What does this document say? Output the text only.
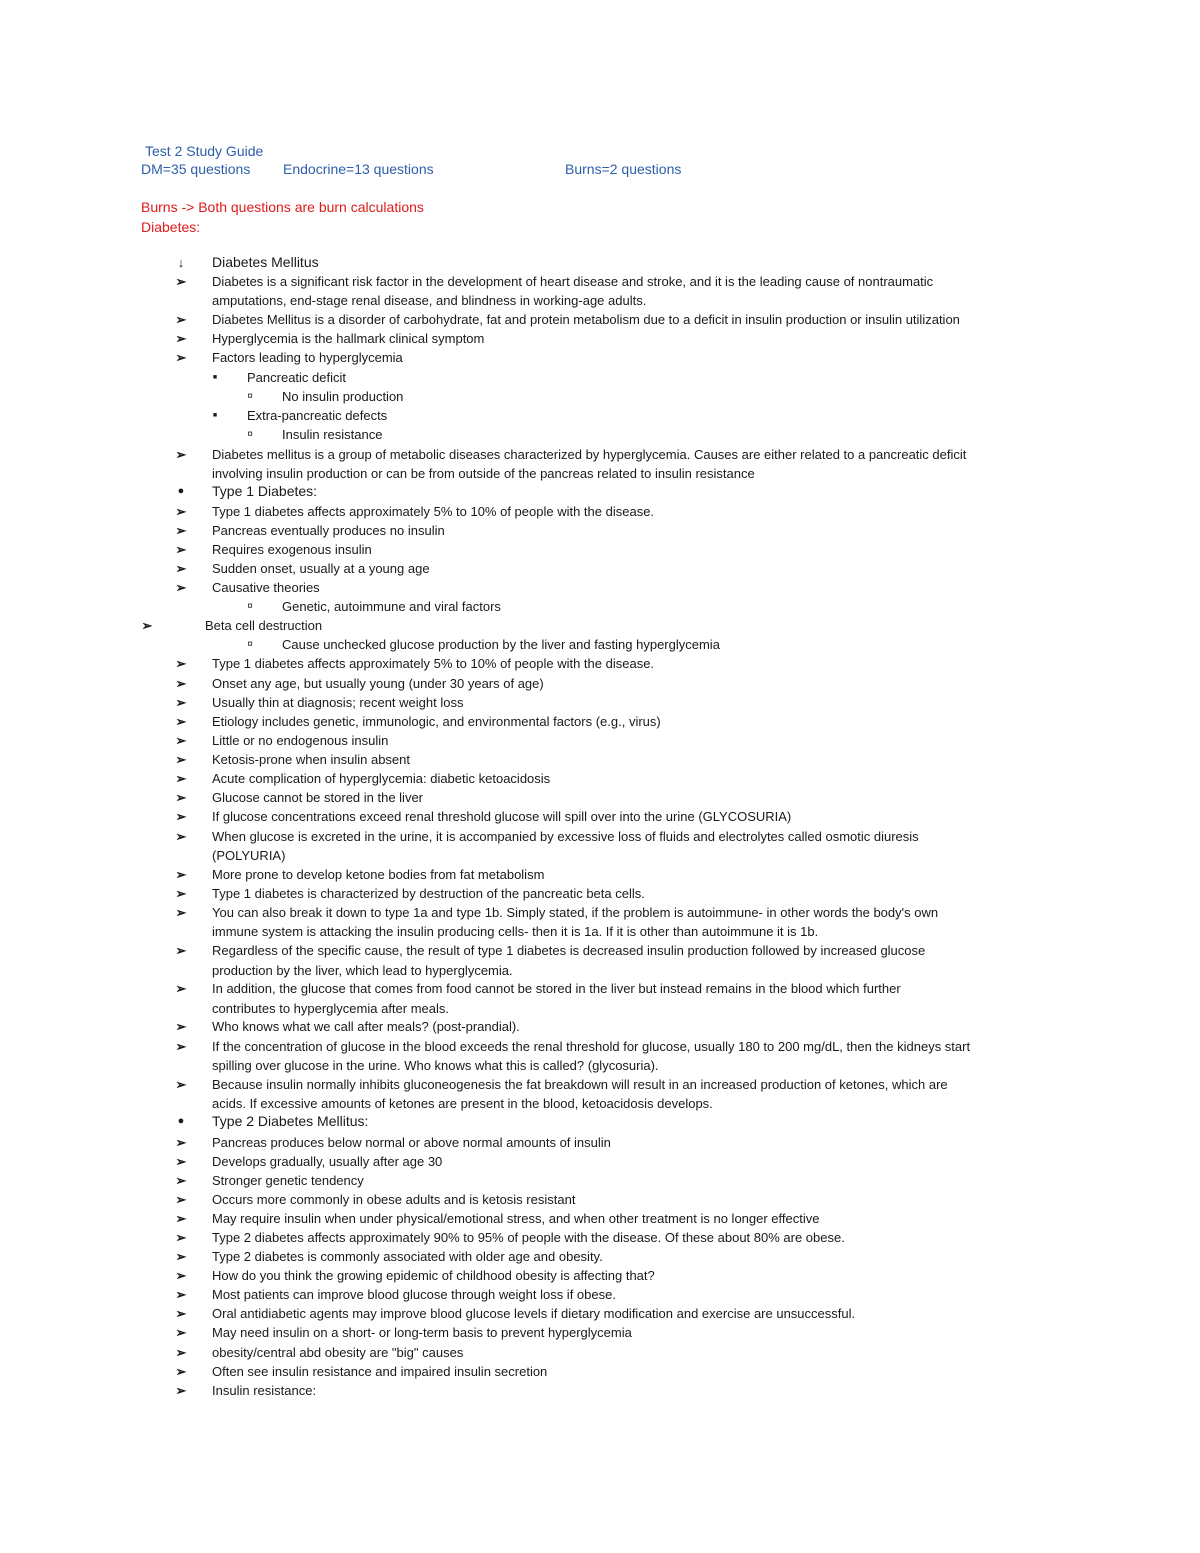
Test 2 Study Guide
DM=35 questions Endocrine=13 questions	Burns=2 questions
Burns -> Both questions are burn calculations
Diabetes:
↓ Diabetes Mellitus
➢ Diabetes is a significant risk factor in the development of heart disease and stroke, and it is the leading cause of nontraumatic
amputations, end-stage renal disease, and blindness in working-age adults.
➢ Diabetes Mellitus is a disorder of carbohydrate, fat and protein metabolism due to a deficit in insulin production or insulin utilization
➢ Hyperglycemia is the hallmark clinical symptom
➢ Factors leading to hyperglycemia
■	Pancreatic deficit
¤	No insulin production
■	Extra-pancreatic defects
¤	Insulin resistance
➢ Diabetes mellitus is a group of metabolic diseases characterized by hyperglycemia. Causes are either related to a pancreatic deficit
involving insulin production or can be from outside of the pancreas related to insulin resistance
● Type 1 Diabetes:
➢ Type 1 diabetes affects approximately 5% to 10% of people with the disease.
➢ Pancreas eventually produces no insulin
➢ Requires exogenous insulin
➢ Sudden onset, usually at a young age
➢ Causative theories
¤	Genetic, autoimmune and viral factors
➢	Beta cell destruction
¤	Cause unchecked glucose production by the liver and fasting hyperglycemia
➢ Type 1 diabetes affects approximately 5% to 10% of people with the disease.
➢ Onset any age, but usually young (under 30 years of age)
➢ Usually thin at diagnosis; recent weight loss
➢ Etiology includes genetic, immunologic, and environmental factors (e.g., virus)
➢ Little or no endogenous insulin
➢ Ketosis-prone when insulin absent
➢ Acute complication of hyperglycemia: diabetic ketoacidosis
➢ Glucose cannot be stored in the liver
➢ If glucose concentrations exceed renal threshold glucose will spill over into the urine (GLYCOSURIA)
➢ When glucose is excreted in the urine, it is accompanied by excessive loss of fluids and electrolytes called osmotic diuresis
(POLYURIA)
➢ More prone to develop ketone bodies from fat metabolism
➢ Type 1 diabetes is characterized by destruction of the pancreatic beta cells.
➢ You can also break it down to type 1a and type 1b. Simply stated, if the problem is autoimmune- in other words the body's own
immune system is attacking the insulin producing cells- then it is 1a. If it is other than autoimmune it is 1b.
➢ Regardless of the specific cause, the result of type 1 diabetes is decreased insulin production followed by increased glucose
production by the liver, which lead to hyperglycemia.
➢ In addition, the glucose that comes from food cannot be stored in the liver but instead remains in the blood which further
contributes to hyperglycemia after meals.
➢ Who knows what we call after meals? (post-prandial).
➢ If the concentration of glucose in the blood exceeds the renal threshold for glucose, usually 180 to 200 mg/dL, then the kidneys start
spilling over glucose in the urine. Who knows what this is called? (glycosuria).
➢ Because insulin normally inhibits gluconeogenesis the fat breakdown will result in an increased production of ketones, which are
acids. If excessive amounts of ketones are present in the blood, ketoacidosis develops.
● Type 2 Diabetes Mellitus:
➢ Pancreas produces below normal or above normal amounts of insulin
➢ Develops gradually, usually after age 30
➢ Stronger genetic tendency
➢ Occurs more commonly in obese adults and is ketosis resistant
➢ May require insulin when under physical/emotional stress, and when other treatment is no longer effective
➢ Type 2 diabetes affects approximately 90% to 95% of people with the disease. Of these about 80% are obese.
➢ Type 2 diabetes is commonly associated with older age and obesity.
➢ How do you think the growing epidemic of childhood obesity is affecting that?
➢ Most patients can improve blood glucose through weight loss if obese.
➢ Oral antidiabetic agents may improve blood glucose levels if dietary modification and exercise are unsuccessful.
➢ May need insulin on a short- or long-term basis to prevent hyperglycemia
➢ obesity/central abd obesity are "big" causes
➢ Often see insulin resistance and impaired insulin secretion
➢ Insulin resistance:
